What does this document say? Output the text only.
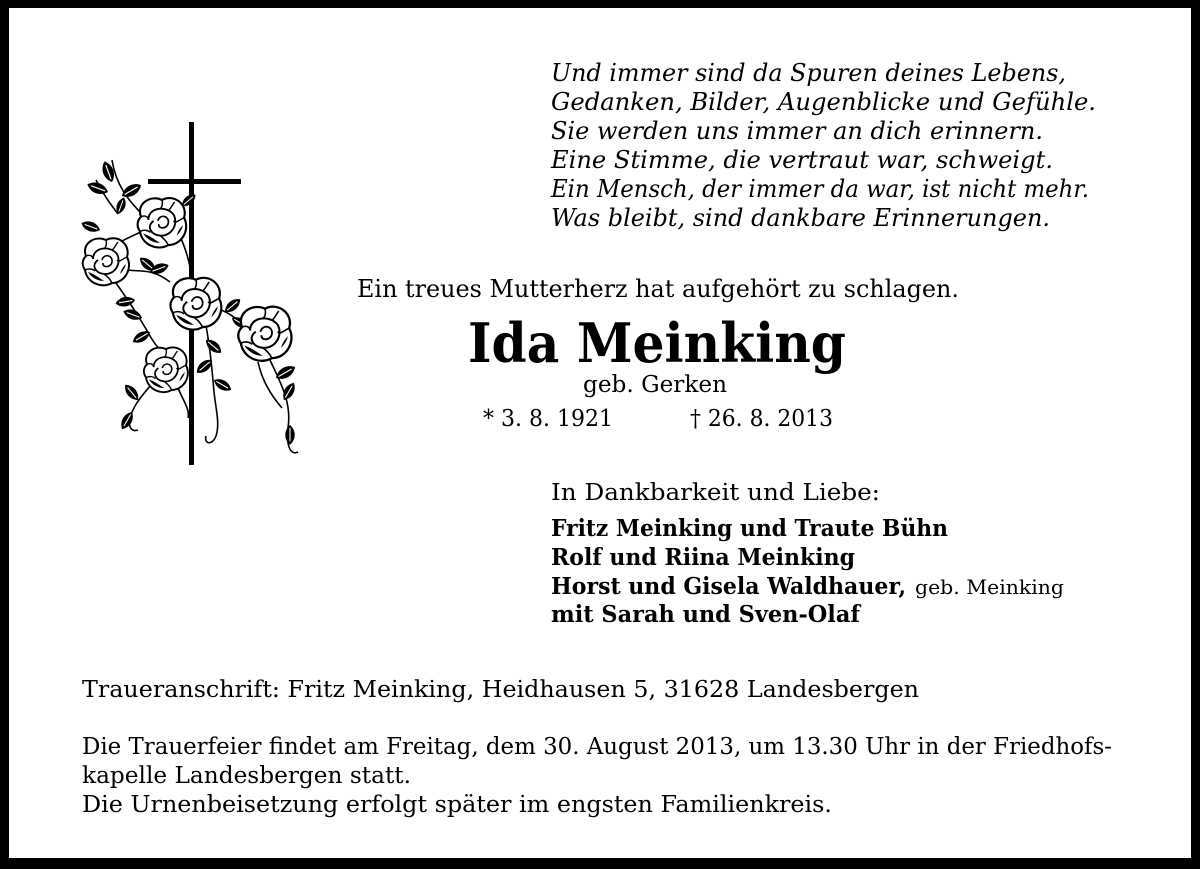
Und immer sind da Spuren deines Lebens,
Gedanken, Bilder, Augenblicke und Gefühle.
Sie werden uns immer an dich erinnern.
Eine Stimme, die vertraut war, schweigt.
Ein Mensch, der immer da war, ist nicht mehr.
Was bleibt, sind dankbare Erinnerungen.
Ein treues Mutterherz hat aufgehört zu schlagen.
Ida Meinking
geb. Gerken
* 3. 8. 1921	† 26. 8. 2013
In Dankbarkeit und Liebe:
Fritz Meinking und Traute Bühn
Rolf und Riina Meinking
Horst und Gisela Waldhauer, geb. Meinking
mit Sarah und Sven-Olaf
Traueranschrift: Fritz Meinking, Heidhausen 5, 31628 Landesbergen
Die Trauerfeier findet am Freitag, dem 30. August 2013, um 13.30 Uhr in der Friedhofs-
kapelle Landesbergen statt.
Die Urnenbeisetzung erfolgt später im engsten Familienkreis.
